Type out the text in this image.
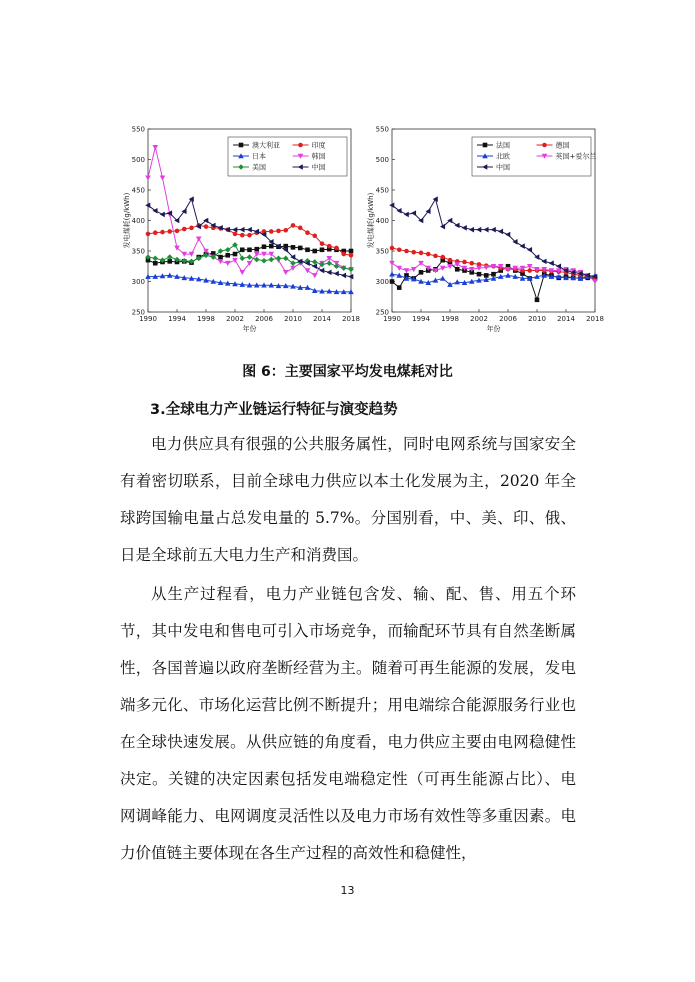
250
300
350
400
450
500
550
1990 1994 1998 2002 2006 2010 2014 2018
年份
发电煤耗(g/kWh)
澳大利亚	印度
日本	韩国
美国	中国
250
300
350
400
450
500
550
1990 1994 1998 2002 2006 2010 2014 2018
年份
发电煤耗(g/kWh)
法国	德国
北欧	英国+爱尔兰
中国
图 6：主要国家平均发电煤耗对比
3.全球电力产业链运行特征与演变趋势

电力供应具有很强的公共服务属性，同时电网系统与国家安全有着密切联系，目前全球电力供应以本土化发展为主，2020 年全球跨国输电量占总发电量的 5.7%。分国别看，中、美、印、俄、日是全球前五大电力生产和消费国。

从生产过程看，电力产业链包含发、输、配、售、用五个环节，其中发电和售电可引入市场竞争，而输配环节具有自然垄断属性，各国普遍以政府垄断经营为主。随着可再生能源的发展，发电端多元化、市场化运营比例不断提升；用电端综合能源服务行业也在全球快速发展。从供应链的角度看，电力供应主要由电网稳健性决定。关键的决定因素包括发电端稳定性（可再生能源占比）、电网调峰能力、电网调度灵活性以及电力市场有效性等多重因素。电力价值链主要体现在各生产过程的高效性和稳健性，

13
